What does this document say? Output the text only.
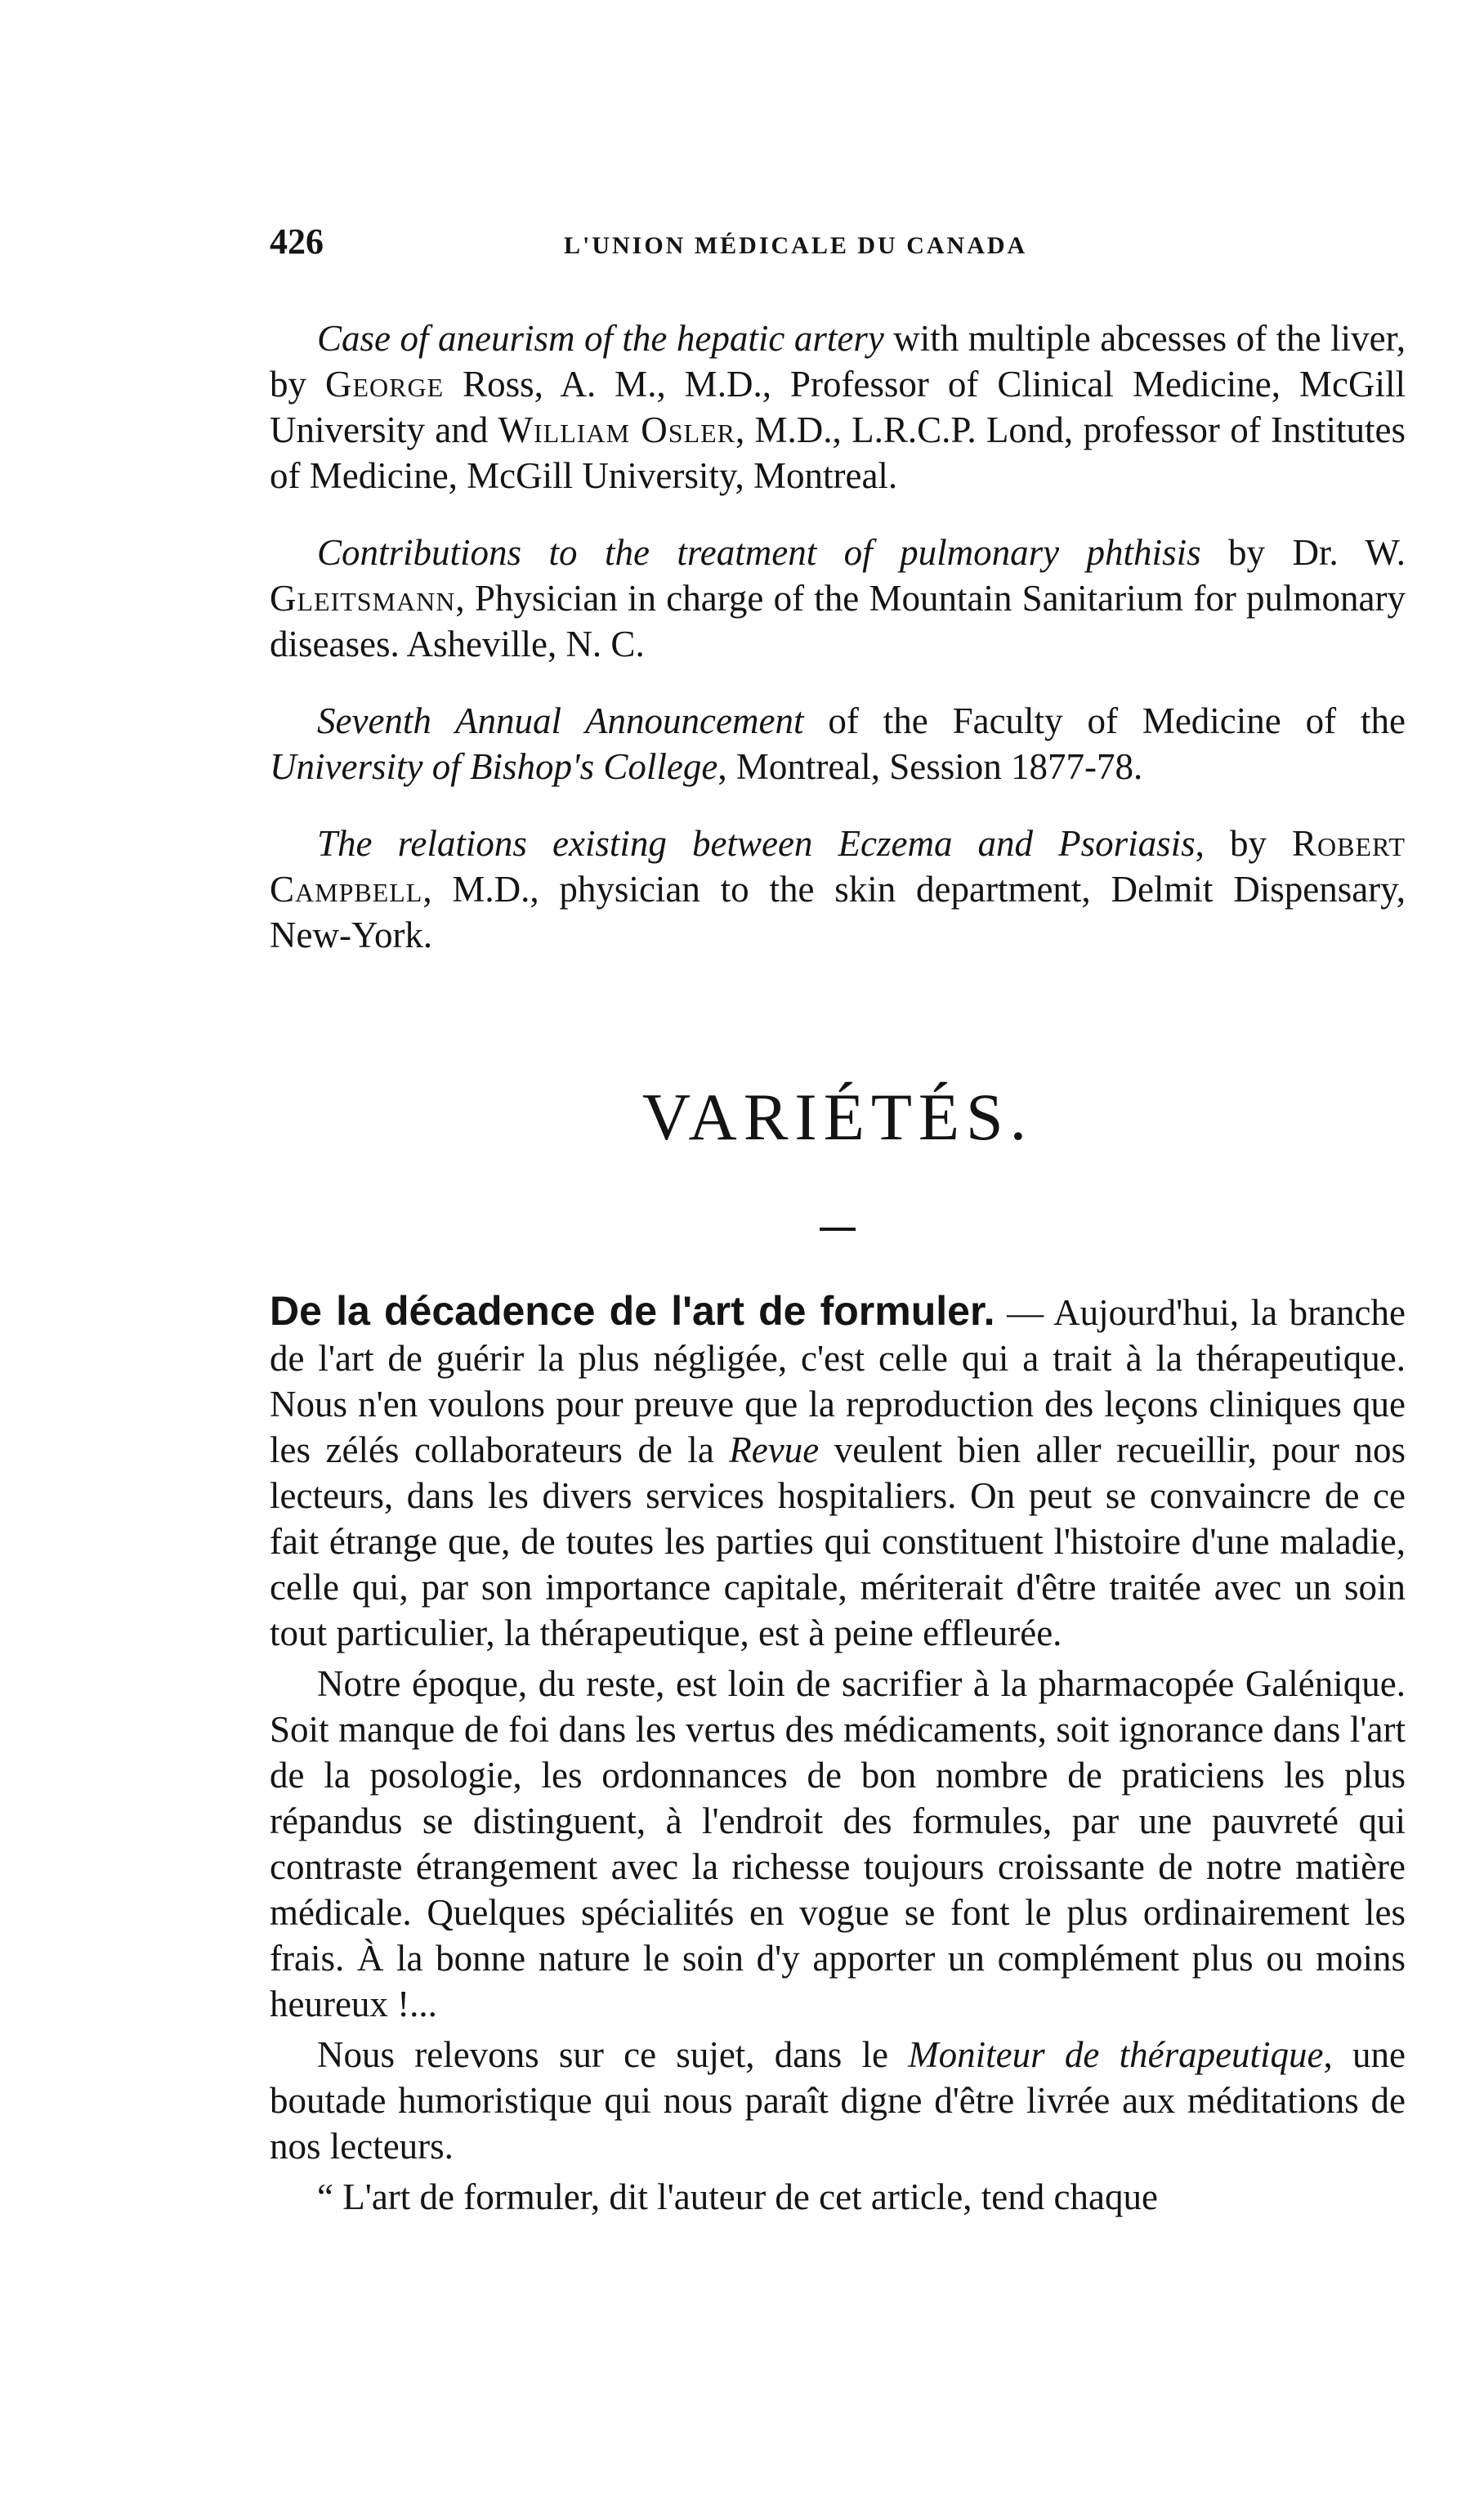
426	L'UNION MÉDICALE DU CANADA

Case of aneurism of the hepatic artery with multiple abcesses of the liver, by George Ross, A. M., M.D., Professor of Clinical Medicine, McGill University and William Osler, M.D., L.R.C.P. Lond, professor of Institutes of Medicine, McGill University, Montreal.

Contributions to the treatment of pulmonary phthisis by Dr. W. Gleitsmann, Physician in charge of the Mountain Sanitarium for pulmonary diseases. Asheville, N. C.

Seventh Annual Announcement of the Faculty of Medicine of the University of Bishop's College, Montreal, Session 1877-78.

The relations existing between Eczema and Psoriasis, by Robert Campbell, M.D., physician to the skin department, Delmit Dispensary, New-York.

VARIÉTÉS.

De la décadence de l'art de formuler. — Aujourd'hui, la branche de l'art de guérir la plus négligée, c'est celle qui a trait à la thérapeutique. Nous n'en voulons pour preuve que la reproduction des leçons cliniques que les zélés collaborateurs de la Revue veulent bien aller recueillir, pour nos lecteurs, dans les divers services hospitaliers. On peut se convaincre de ce fait étrange que, de toutes les parties qui constituent l'histoire d'une maladie, celle qui, par son importance capitale, mériterait d'être traitée avec un soin tout particulier, la thérapeutique, est à peine effleurée.

Notre époque, du reste, est loin de sacrifier à la pharmacopée Galénique. Soit manque de foi dans les vertus des médicaments, soit ignorance dans l'art de la posologie, les ordonnances de bon nombre de praticiens les plus répandus se distinguent, à l'endroit des formules, par une pauvreté qui contraste étrangement avec la richesse toujours croissante de notre matière médicale. Quelques spécialités en vogue se font le plus ordinairement les frais. À la bonne nature le soin d'y apporter un complément plus ou moins heureux !...

Nous relevons sur ce sujet, dans le Moniteur de thérapeutique, une boutade humoristique qui nous paraît digne d'être livrée aux méditations de nos lecteurs.

“ L'art de formuler, dit l'auteur de cet article, tend chaque
